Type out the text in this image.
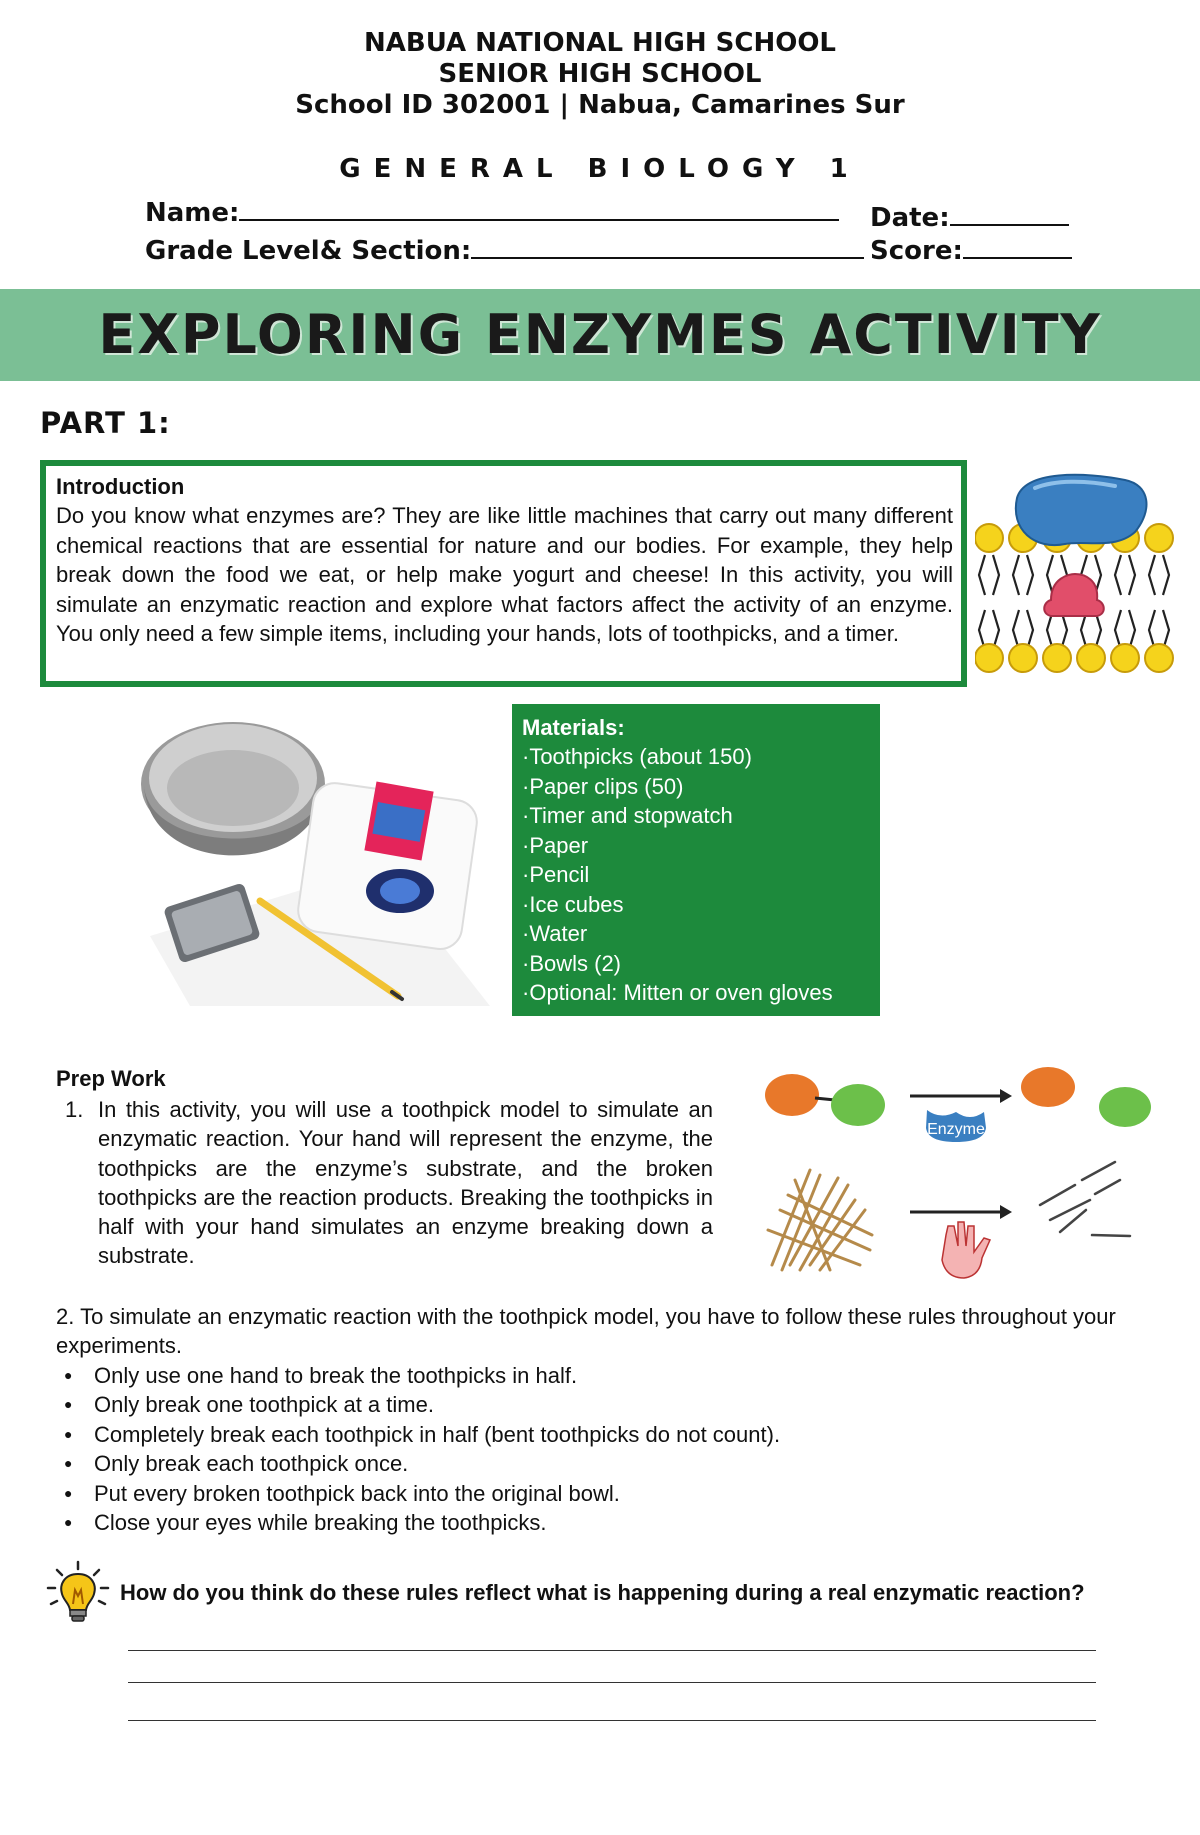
NABUA NATIONAL HIGH SCHOOL
SENIOR HIGH SCHOOL
School ID 302001 | Nabua, Camarines Sur
GENERAL BIOLOGY 1
Name:
Grade Level& Section:
Date:
Score:
EXPLORING ENZYMES ACTIVITY
PART 1:
Introduction
Do you know what enzymes are? They are like little machines that carry out many different chemical reactions that are essential for nature and our bodies. For example, they help break down the food we eat, or help make yogurt and cheese! In this activity, you will simulate an enzymatic reaction and explore what factors affect the activity of an enzyme. You only need a few simple items, including your hands, lots of toothpicks, and a timer.
Materials:
·Toothpicks (about 150)
·Paper clips (50)
·Timer and stopwatch
·Paper
·Pencil
·Ice cubes
·Water
·Bowls (2)
·Optional: Mitten or oven gloves
Prep Work
1. In this activity, you will use a toothpick model to simulate an enzymatic reaction. Your hand will represent the enzyme, the toothpicks are the enzyme’s substrate, and the broken toothpicks are the reaction products. Breaking the toothpicks in half with your hand simulates an enzyme breaking down a substrate.
Enzyme
2. To simulate an enzymatic reaction with the toothpick model, you have to follow these rules throughout your experiments.
● Only use one hand to break the toothpicks in half.
● Only break one toothpick at a time.
● Completely break each toothpick in half (bent toothpicks do not count).
● Only break each toothpick once.
● Put every broken toothpick back into the original bowl.
● Close your eyes while breaking the toothpicks.
How do you think do these rules reflect what is happening during a real enzymatic reaction?
